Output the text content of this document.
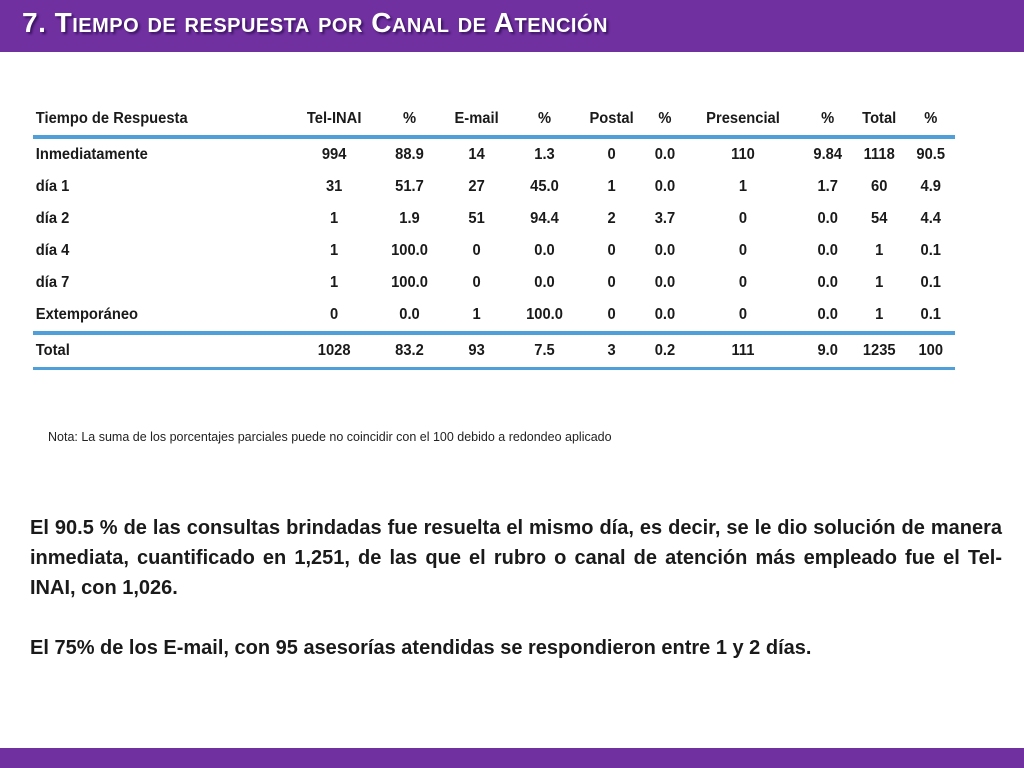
7. Tiempo de respuesta por Canal de Atención
Tiempo de Respuesta	Tel-INAI	%	E-mail	%	Postal	%	Presencial	%	Total	%
Inmediatamente	994	88.9	14	1.3	0	0.0	110	9.84	1118	90.5
día 1	31	51.7	27	45.0	1	0.0	1	1.7	60	4.9
día 2	1	1.9	51	94.4	2	3.7	0	0.0	54	4.4
día 4	1	100.0	0	0.0	0	0.0	0	0.0	1	0.1
día 7	1	100.0	0	0.0	0	0.0	0	0.0	1	0.1
Extemporáneo	0	0.0	1	100.0	0	0.0	0	0.0	1	0.1
Total	1028	83.2	93	7.5	3	0.2	111	9.0	1235	100
Nota: La suma de los porcentajes parciales puede no coincidir con el 100 debido a redondeo aplicado
El 90.5 % de las consultas brindadas fue resuelta el mismo día, es decir, se le dio solución de manera inmediata, cuantificado en 1,251, de las que el rubro o canal de atención más empleado fue el Tel-INAI, con 1,026.
El 75% de los E-mail, con 95 asesorías atendidas se respondieron entre 1 y 2 días.
